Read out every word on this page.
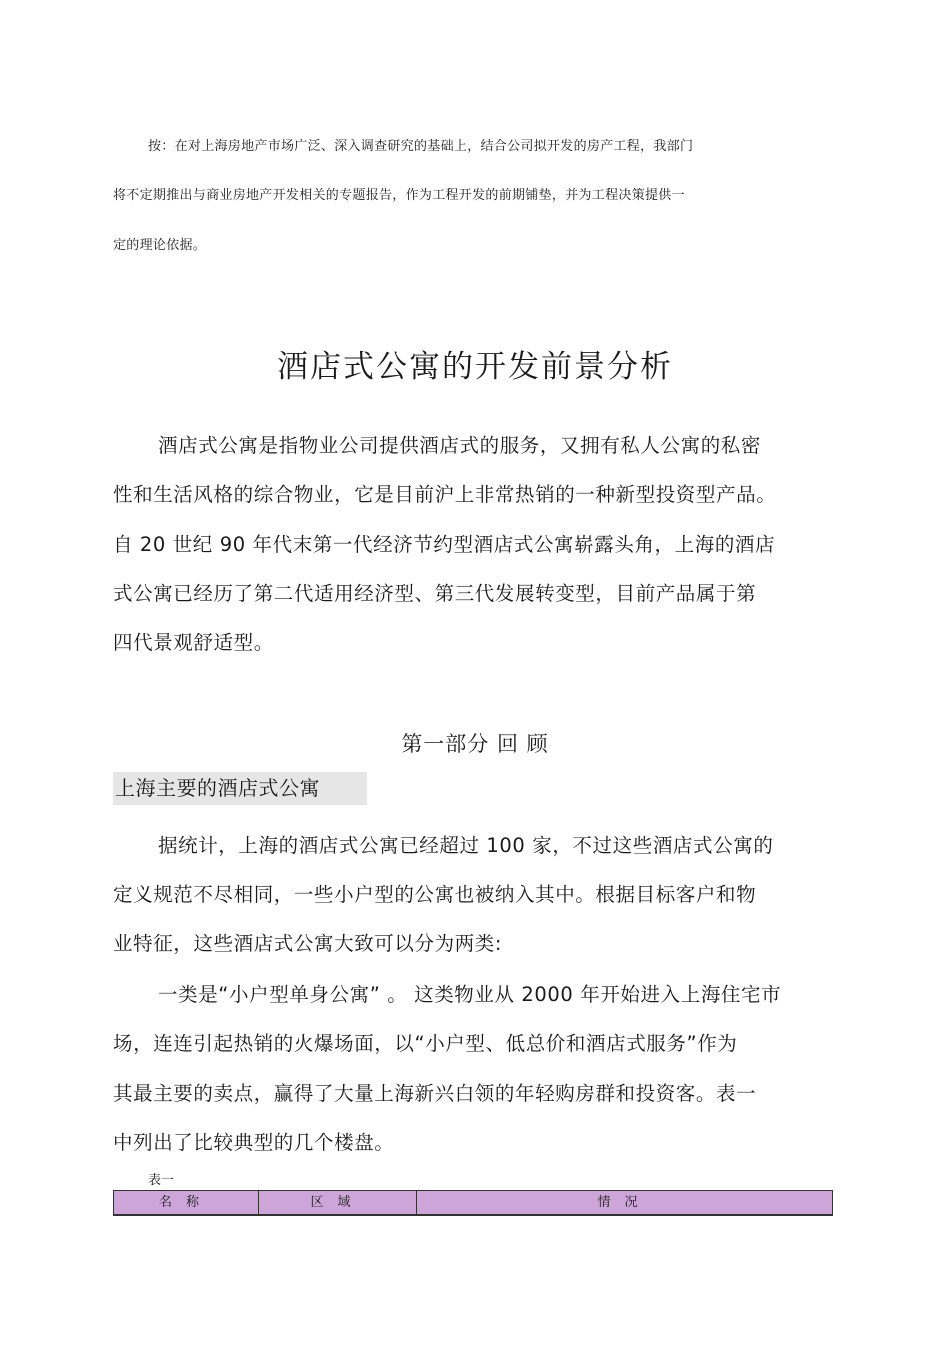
按：在对上海房地产市场广泛、深入调查研究的基础上，结合公司拟开发的房产工程，我部门
将不定期推出与商业房地产开发相关的专题报告，作为工程开发的前期铺垫，并为工程决策提供一
定的理论依据。
酒店式公寓的开发前景分析
酒店式公寓是指物业公司提供酒店式的服务，又拥有私人公寓的私密
性和生活风格的综合物业，它是目前沪上非常热销的一种新型投资型产品。
自 20 世纪 90 年代末第一代经济节约型酒店式公寓崭露头角，上海的酒店
式公寓已经历了第二代适用经济型、第三代发展转变型，目前产品属于第
四代景观舒适型。
第一部分 回 顾
上海主要的酒店式公寓
据统计，上海的酒店式公寓已经超过 100 家，不过这些酒店式公寓的
定义规范不尽相同，一些小户型的公寓也被纳入其中。根据目标客户和物
业特征，这些酒店式公寓大致可以分为两类:
一类是“小户型单身公寓” 。 这类物业从 2000 年开始进入上海住宅市
场，连连引起热销的火爆场面，以“小户型、低总价和酒店式服务”作为
其最主要的卖点，赢得了大量上海新兴白领的年轻购房群和投资客。表一
中列出了比较典型的几个楼盘。
表一
名称	区域	情况
